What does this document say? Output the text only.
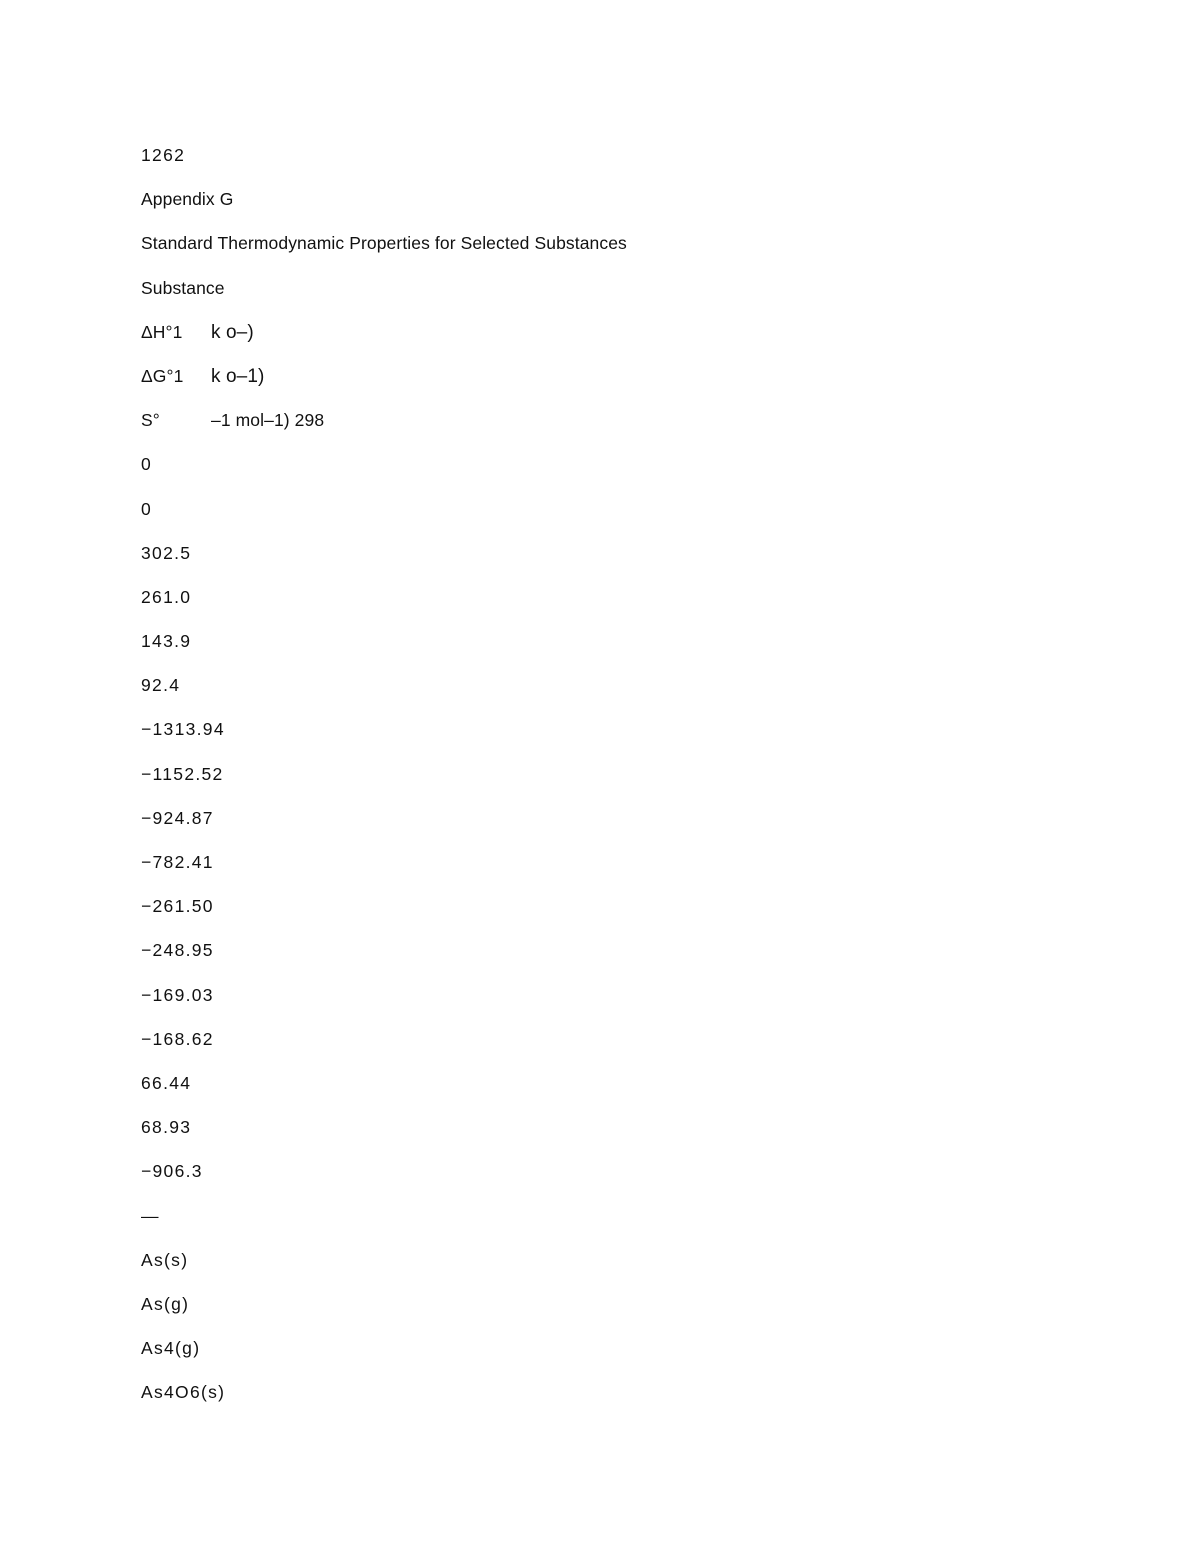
1262
Appendix G
Standard Thermodynamic Properties for Selected Substances
Substance
ΔH°1 k o–)
ΔG°1 k o–1)
S°	–1 mol–1) 298
0
0
302.5
261.0
143.9
92.4
−1313.94
−1152.52
−924.87
−782.41
−261.50
−248.95
−169.03
−168.62
66.44
68.93
−906.3
—
As(s)
As(g)
As4(g)
As4O6(s)
